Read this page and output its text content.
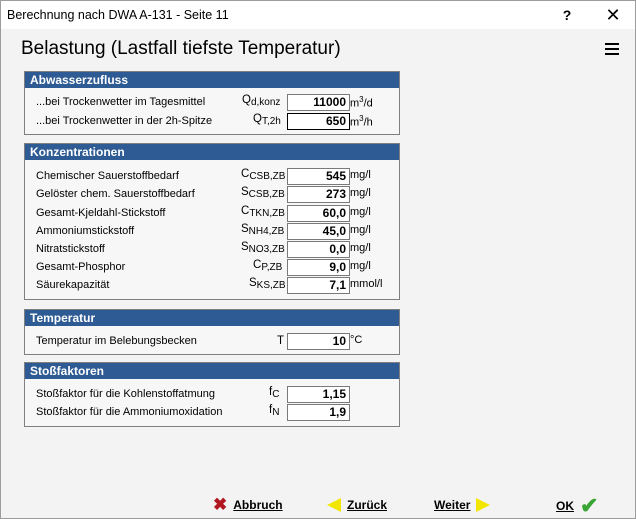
Berechnung nach DWA A-131 - Seite 11	?	✕
Belastung (Lastfall tiefste Temperatur)
Abwasserzufluss
...bei Trockenwetter im Tagesmittel	$Q_{d,konz}$	11000 $m^3/d$
...bei Trockenwetter in der 2h-Spitze	$Q_{T,2h}$	650 $m^3/h$
Konzentrationen
Chemischer Sauerstoffbedarf	$C_{CSB,ZB}$	545 mg/l
Gelöster chem. Sauerstoffbedarf	$S_{CSB,ZB}$	273 mg/l
Gesamt-Kjeldahl-Stickstoff	$C_{TKN,ZB}$	60,0 mg/l
Ammoniumstickstoff	$S_{NH4,ZB}$	45,0 mg/l
Nitratstickstoff	$S_{NO3,ZB}$	0,0 mg/l
Gesamt-Phosphor	$C_{P,ZB}$	9,0 mg/l
Säurekapazität	$S_{KS,ZB}$	7,1 mmol/l
Temperatur
Temperatur im Belebungsbecken	T	10 °C
Stoßfaktoren
Stoßfaktor für die Kohlenstoffatmung	$f_C$	1,15
Stoßfaktor für die Ammoniumoxidation	$f_N$	1,9
✖ Abbruch	Zurück	Weiter	OK ✔
